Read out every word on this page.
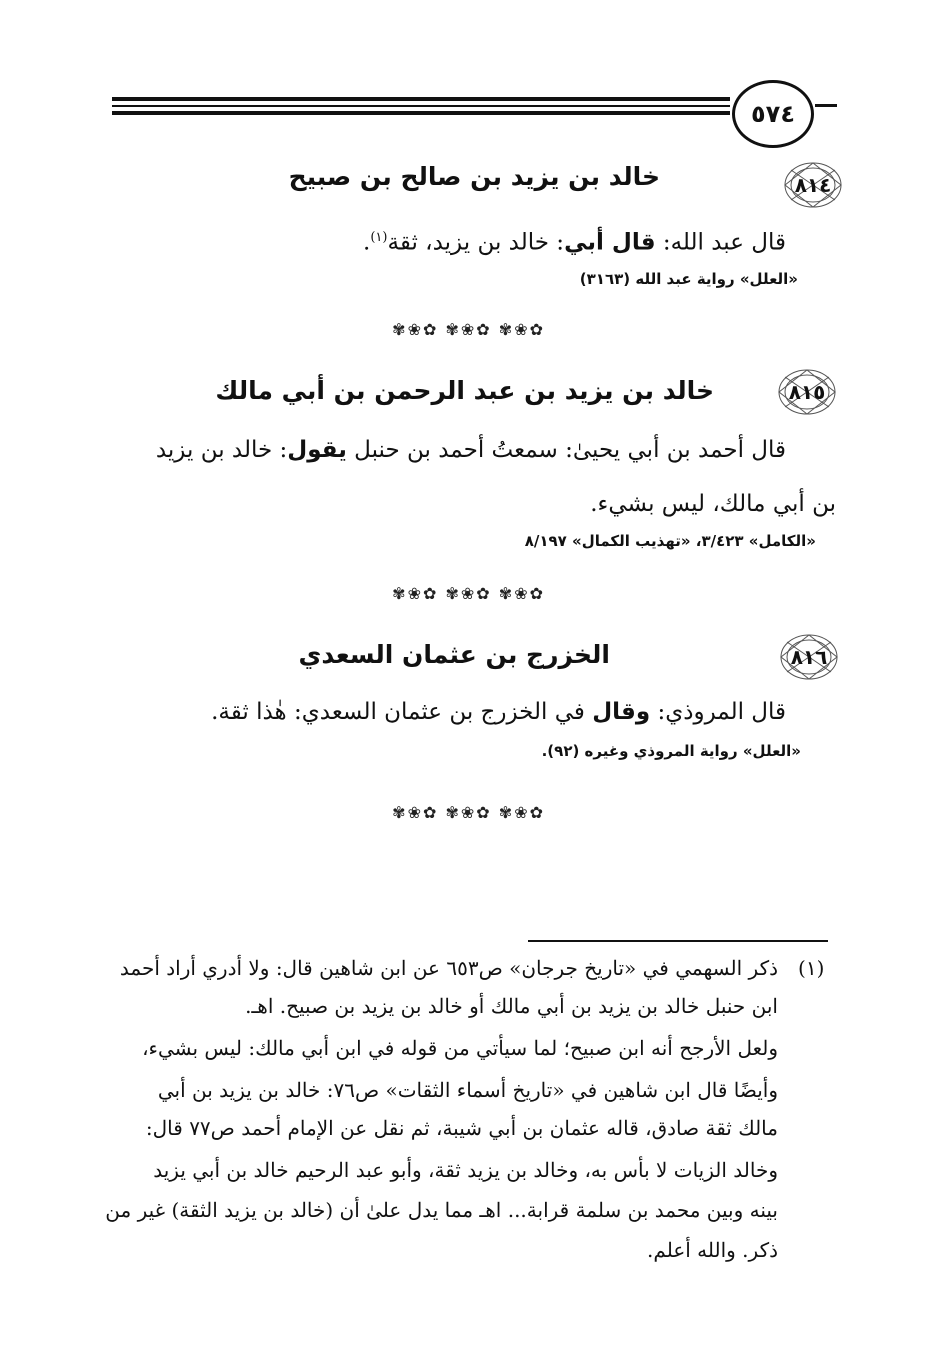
٥٧٤
٨١٤
خالد بن يزيد بن صالح بن صبيح
قال عبد الله: قال أبي: خالد بن يزيد، ثقة$^{(١)}$.
«العلل» رواية عبد الله (٣١٦٣)
✿❀✾ ✿❀✾ ✿❀✾
٨١٥
خالد بن يزيد بن عبد الرحمن بن أبي مالك
قال أحمد بن أبي يحيىٰ: سمعتُ أحمد بن حنبل يقول: خالد بن يزيد
بن أبي مالك، ليس بشيء.
«الكامل» ٣/٤٢٣، «تهذيب الكمال» ٨/١٩٧
✿❀✾ ✿❀✾ ✿❀✾
٨١٦
الخزرج بن عثمان السعدي
قال المروذي: وقال في الخزرج بن عثمان السعدي: هٰذا ثقة.
«العلل» رواية المروذي وغيره (٩٢).
✿❀✾ ✿❀✾ ✿❀✾
(١)
ذكر السهمي في «تاريخ جرجان» ص٦٥٣ عن ابن شاهين قال: ولا أدري أراد أحمد
ابن حنبل خالد بن يزيد بن أبي مالك أو خالد بن يزيد بن صبيح. اهـ.
ولعل الأرجح أنه ابن صبيح؛ لما سيأتي من قوله في ابن أبي مالك: ليس بشيء،
وأيضًا قال ابن شاهين في «تاريخ أسماء الثقات» ص٧٦: خالد بن يزيد بن أبي
مالك ثقة صادق، قاله عثمان بن أبي شيبة، ثم نقل عن الإمام أحمد ص٧٧ قال:
وخالد الزيات لا بأس به، وخالد بن يزيد ثقة، وأبو عبد الرحيم خالد بن أبي يزيد
بينه وبين محمد بن سلمة قرابة... اهـ مما يدل علىٰ أن (خالد بن يزيد الثقة) غير من
ذكر. والله أعلم.
